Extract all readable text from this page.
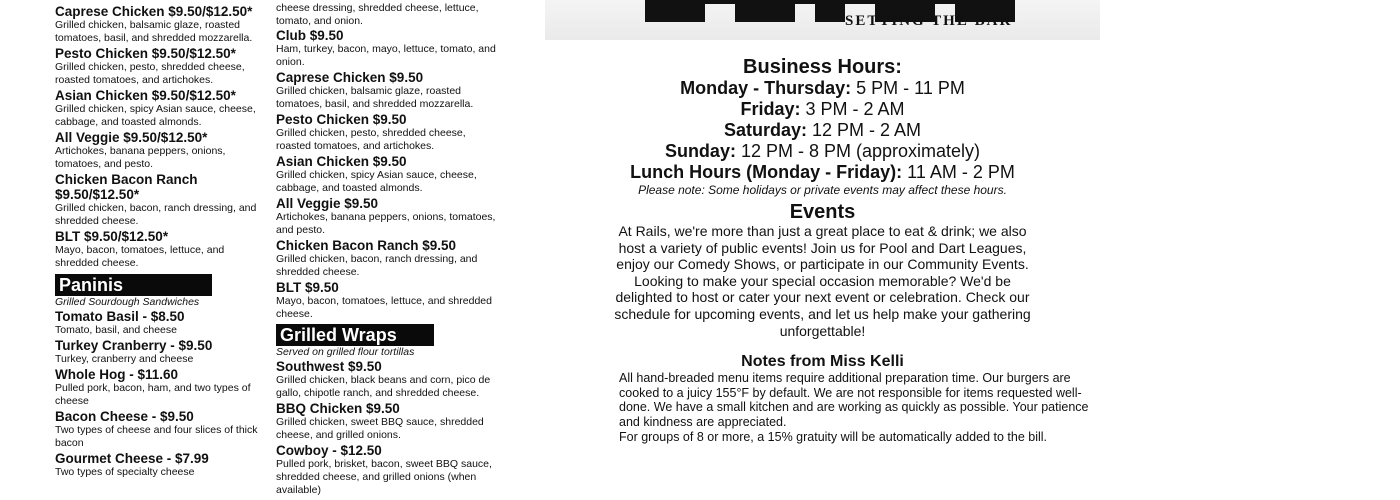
Caprese Chicken $9.50/$12.50*
Grilled chicken, balsamic glaze, roasted tomatoes, basil, and shredded mozzarella.
Pesto Chicken $9.50/$12.50*
Grilled chicken, pesto, shredded cheese, roasted tomatoes, and artichokes.
Asian Chicken $9.50/$12.50*
Grilled chicken, spicy Asian sauce, cheese, cabbage, and toasted almonds.
All Veggie $9.50/$12.50*
Artichokes, banana peppers, onions, tomatoes, and pesto.
Chicken Bacon Ranch $9.50/$12.50*
Grilled chicken, bacon, ranch dressing, and shredded cheese.
BLT $9.50/$12.50*
Mayo, bacon, tomatoes, lettuce, and shredded cheese.
Paninis
Grilled Sourdough Sandwiches
Tomato Basil - $8.50
Tomato, basil, and cheese
Turkey Cranberry - $9.50
Turkey, cranberry and cheese
Whole Hog - $11.60
Pulled pork, bacon, ham, and two types of cheese
Bacon Cheese - $9.50
Two types of cheese and four slices of thick bacon
Gourmet Cheese - $7.99
Two types of specialty cheese
cheese dressing, shredded cheese, lettuce, tomato, and onion.
Club $9.50
Ham, turkey, bacon, mayo, lettuce, tomato, and onion.
Caprese Chicken $9.50
Grilled chicken, balsamic glaze, roasted tomatoes, basil, and shredded mozzarella.
Pesto Chicken $9.50
Grilled chicken, pesto, shredded cheese, roasted tomatoes, and artichokes.
Asian Chicken $9.50
Grilled chicken, spicy Asian sauce, cheese, cabbage, and toasted almonds.
All Veggie $9.50
Artichokes, banana peppers, onions, tomatoes, and pesto.
Chicken Bacon Ranch $9.50
Grilled chicken, bacon, ranch dressing, and shredded cheese.
BLT $9.50
Mayo, bacon, tomatoes, lettuce, and shredded cheese.
Grilled Wraps
Served on grilled flour tortillas
Southwest $9.50
Grilled chicken, black beans and corn, pico de gallo, chipotle ranch, and shredded cheese.
BBQ Chicken $9.50
Grilled chicken, sweet BBQ sauce, shredded cheese, and grilled onions.
Cowboy - $12.50
Pulled pork, brisket, bacon, sweet BBQ sauce, shredded cheese, and grilled onions (when available)
SETTING THE BAR
Business Hours:
Monday - Thursday: 5 PM - 11 PM
Friday: 3 PM - 2 AM
Saturday: 12 PM - 2 AM
Sunday: 12 PM - 8 PM (approximately)
Lunch Hours (Monday - Friday): 11 AM - 2 PM
Please note: Some holidays or private events may affect these hours.
Events
At Rails, we're more than just a great place to eat & drink; we also host a variety of public events! Join us for Pool and Dart Leagues, enjoy our Comedy Shows, or participate in our Community Events. Looking to make your special occasion memorable? We'd be delighted to host or cater your next event or celebration. Check our schedule for upcoming events, and let us help make your gathering unforgettable!
Notes from Miss Kelli
All hand-breaded menu items require additional preparation time. Our burgers are cooked to a juicy 155°F by default. We are not responsible for items requested well-done. We have a small kitchen and are working as quickly as possible. Your patience and kindness are appreciated.
For groups of 8 or more, a 15% gratuity will be automatically added to the bill.
